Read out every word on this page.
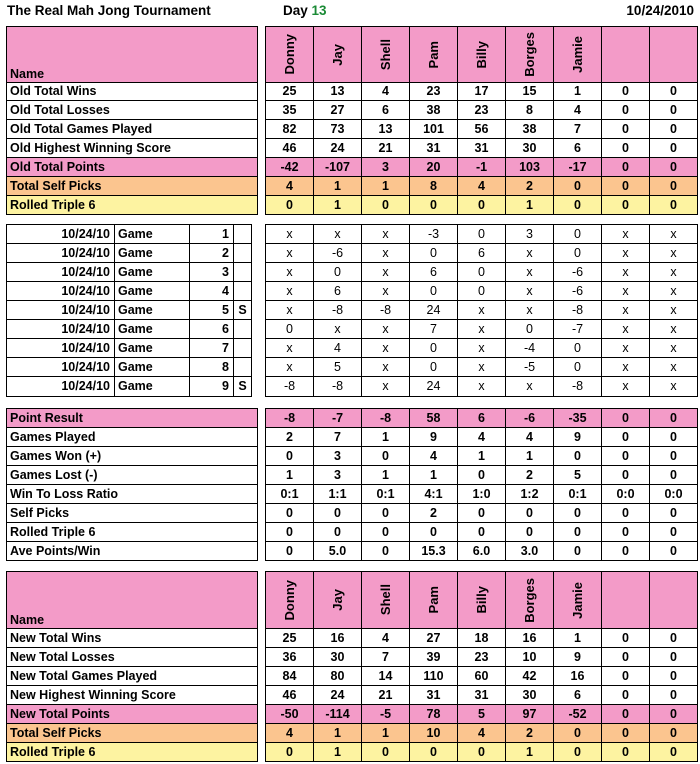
The Real Mah Jong Tournament	Day 13	10/24/2010
Name	Donny	Jay	Shell	Pam	Billy	Borges	Jamie
Old Total Wins	25	13	4	23	17	15	1	0	0
Old Total Losses	35	27	6	38	23	8	4	0	0
Old Total Games Played	82	73	13	101	56	38	7	0	0
Old Highest Winning Score	46	24	21	31	31	30	6	0	0
Old Total Points	-42	-107	3	20	-1	103	-17	0	0
Total Self Picks	4	1	1	8	4	2	0	0	0
Rolled Triple 6	0	1	0	0	0	1	0	0	0
10/24/10 Game	1	x	x	x	-3	0	3	0	x	x
10/24/10 Game	2	x	-6	x	0	6	x	0	x	x
10/24/10 Game	3	x	0	x	6	0	x	-6	x	x
10/24/10 Game	4	x	6	x	0	0	x	-6	x	x
10/24/10 Game	5 S	x	-8	-8	24	x	x	-8	x	x
10/24/10 Game	6	0	x	x	7	x	0	-7	x	x
10/24/10 Game	7	x	4	x	0	x	-4	0	x	x
10/24/10 Game	8	x	5	x	0	x	-5	0	x	x
10/24/10 Game	9 S	-8	-8	x	24	x	x	-8	x	x
Point Result	-8	-7	-8	58	6	-6	-35	0	0
Games Played	2	7	1	9	4	4	9	0	0
Games Won (+)	0	3	0	4	1	1	0	0	0
Games Lost (-)	1	3	1	1	0	2	5	0	0
Win To Loss Ratio	0:1	1:1	0:1	4:1	1:0	1:2	0:1	0:0	0:0
Self Picks	0	0	0	2	0	0	0	0	0
Rolled Triple 6	0	0	0	0	0	0	0	0	0
Ave Points/Win	0	5.0	0	15.3	6.0	3.0	0	0	0
Name	Donny	Jay	Shell	Pam	Billy	Borges	Jamie
New Total Wins	25	16	4	27	18	16	1	0	0
New Total Losses	36	30	7	39	23	10	9	0	0
New Total Games Played	84	80	14	110	60	42	16	0	0
New Highest Winning Score	46	24	21	31	31	30	6	0	0
New Total Points	-50	-114	-5	78	5	97	-52	0	0
Total Self Picks	4	1	1	10	4	2	0	0	0
Rolled Triple 6	0	1	0	0	0	1	0	0	0
